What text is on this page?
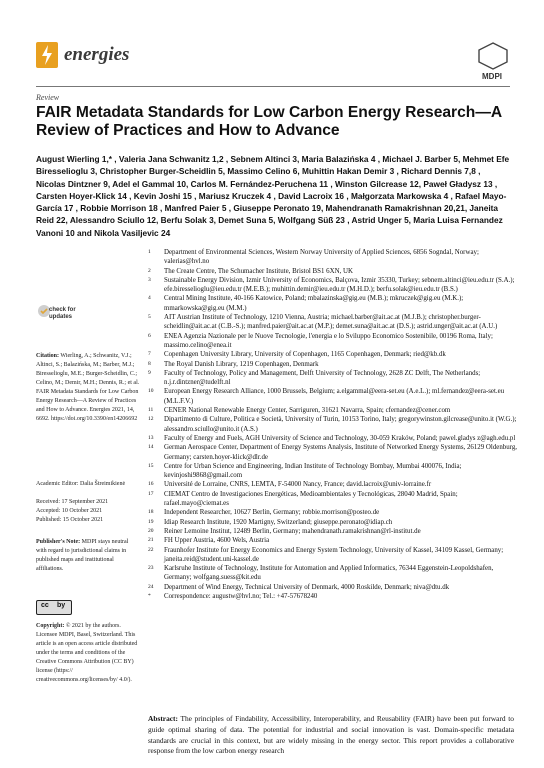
energies
MDPI
Review
FAIR Metadata Standards for Low Carbon Energy Research—A Review of Practices and How to Advance
August Wierling 1,* , Valeria Jana Schwanitz 1,2 , Sebnem Altinci 3, Maria Balazińska 4 , Michael J. Barber 5, Mehmet Efe Biresselioglu 3, Christopher Burger-Scheidlin 5, Massimo Celino 6, Muhittin Hakan Demir 3 , Richard Dennis 7,8 , Nicolas Dintzner 9, Adel el Gammal 10, Carlos M. Fernández-Peruchena 11 , Winston Gilcrease 12, Paweł Gładysz 13 , Carsten Hoyer-Klick 14 , Kevin Joshi 15 , Mariusz Kruczek 4 , David Lacroix 16 , Małgorzata Markowska 4 , Rafael Mayo-García 17 , Robbie Morrison 18 , Manfred Paier 5 , Giuseppe Peronato 19, Mahendranath Ramakrishnan 20,21, Janeita Reid 22, Alessandro Sciullo 12, Berfu Solak 3, Demet Suna 5, Wolfgang Süß 23 , Astrid Unger 5, Maria Luisa Fernandez Vanoni 10 and Nikola Vasiljevic 24
check for
updates
Citation: Wierling, A.; Schwanitz, V.J.; Altinci, S.; Balazińska, M.; Barber, M.J.; Biresselioglu, M.E.; Burger-Scheidlin, C.; Celino, M.; Demir, M.H.; Dennis, R.; et al. FAIR Metadata Standards for Low Carbon Energy Research—A Review of Practices and How to Advance. Energies 2021, 14, 6692. https://doi.org/10.3390/en14206692
Academic Editor: Dalia Štreimikienė
Received: 17 September 2021
Accepted: 10 October 2021
Published: 15 October 2021
Publisher's Note: MDPI stays neutral with regard to jurisdictional claims in published maps and institutional affiliations.
cc by
Copyright: © 2021 by the authors. Licensee MDPI, Basel, Switzerland. This article is an open access article distributed under the terms and conditions of the Creative Commons Attribution (CC BY) license (https:// creativecommons.org/licenses/by/ 4.0/).
1 Department of Environmental Sciences, Western Norway University of Applied Sciences, 6856 Sogndal, Norway; valerias@hvl.no
2 The Create Centre, The Schumacher Institute, Bristol BS1 6XN, UK
3 Sustainable Energy Division, Izmir University of Economics, Balçova, Izmir 35330, Turkey; sebnem.altinci@ieu.edu.tr (S.A.); efe.biresselioglu@ieu.edu.tr (M.E.B.); muhittin.demir@ieu.edu.tr (M.H.D.); berfu.solak@ieu.edu.tr (B.S.)
4 Central Mining Institute, 40-166 Katowice, Poland; mbalazinska@gig.eu (M.B.); mkruczek@gig.eu (M.K.); mmarkowska@gig.eu (M.M.)
5 AIT Austrian Institute of Technology, 1210 Vienna, Austria; michael.barber@ait.ac.at (M.J.B.); christopher.burger-scheidlin@ait.ac.at (C.B.-S.); manfred.paier@ait.ac.at (M.P.); demet.suna@ait.ac.at (D.S.); astrid.unger@ait.ac.at (A.U.)
6 ENEA Agenzia Nazionale per le Nuove Tecnologie, l'energia e lo Sviluppo Economico Sostenibile, 00196 Roma, Italy; massimo.celino@enea.it
7 Copenhagen University Library, University of Copenhagen, 1165 Copenhagen, Denmark; ried@kb.dk
8 The Royal Danish Library, 1219 Copenhagen, Denmark
9 Faculty of Technology, Policy and Management, Delft University of Technology, 2628 ZC Delft, The Netherlands; n.j.r.dintzner@tudelft.nl
10 European Energy Research Alliance, 1000 Brussels, Belgium; a.elgammal@eera-set.eu (A.e.L.); ml.fernandez@eera-set.eu (M.L.F.V.)
11 CENER National Renewable Energy Center, Sarriguren, 31621 Navarra, Spain; cfernandez@cener.com
12 Dipartimento di Culture, Politica e Società, University of Turin, 10153 Torino, Italy; gregorywinston.gilcrease@unito.it (W.G.); alessandro.sciullo@unito.it (A.S.)
13 Faculty of Energy and Fuels, AGH University of Science and Technology, 30-059 Kraków, Poland; pawel.gladys z@agh.edu.pl
14 German Aerospace Center, Department of Energy Systems Analysis, Institute of Networked Energy Systems, 26129 Oldenburg, Germany; carsten.hoyer-klick@dlr.de
15 Centre for Urban Science and Engineering, Indian Institute of Technology Bombay, Mumbai 400076, India; kevinjoshi9868@gmail.com
16 Université de Lorraine, CNRS, LEMTA, F-54000 Nancy, France; david.lacroix@univ-lorraine.fr
17 CIEMAT Centro de Investigaciones Energéticas, Medioambientales y Tecnológicas, 28040 Madrid, Spain; rafael.mayo@ciemat.es
18 Independent Researcher, 10627 Berlin, Germany; robbie.morrison@posteo.de
19 Idiap Research Institute, 1920 Martigny, Switzerland; giuseppe.peronato@idiap.ch
20 Reiner Lemoine Institut, 12489 Berlin, Germany; mahendranath.ramakrishnan@rl-institut.de
21 FH Upper Austria, 4600 Wels, Austria
22 Fraunhofer Institute for Energy Economics and Energy System Technology, University of Kassel, 34109 Kassel, Germany; janeita.reid@student.uni-kassel.de
23 Karlsruhe Institute of Technology, Institute for Automation and Applied Informatics, 76344 Eggenstein-Leopoldshafen, Germany; wolfgang.suess@kit.edu
24 Department of Wind Energy, Technical University of Denmark, 4000 Roskilde, Denmark; niva@dtu.dk
* Correspondence: augustw@hvl.no; Tel.: +47-57678240
Abstract: The principles of Findability, Accessibility, Interoperability, and Reusability (FAIR) have been put forward to guide optimal sharing of data. The potential for industrial and social innovation is vast. Domain-specific metadata standards are crucial in this context, but are widely missing in the energy sector. This report provides a collaborative response from the low carbon energy research
